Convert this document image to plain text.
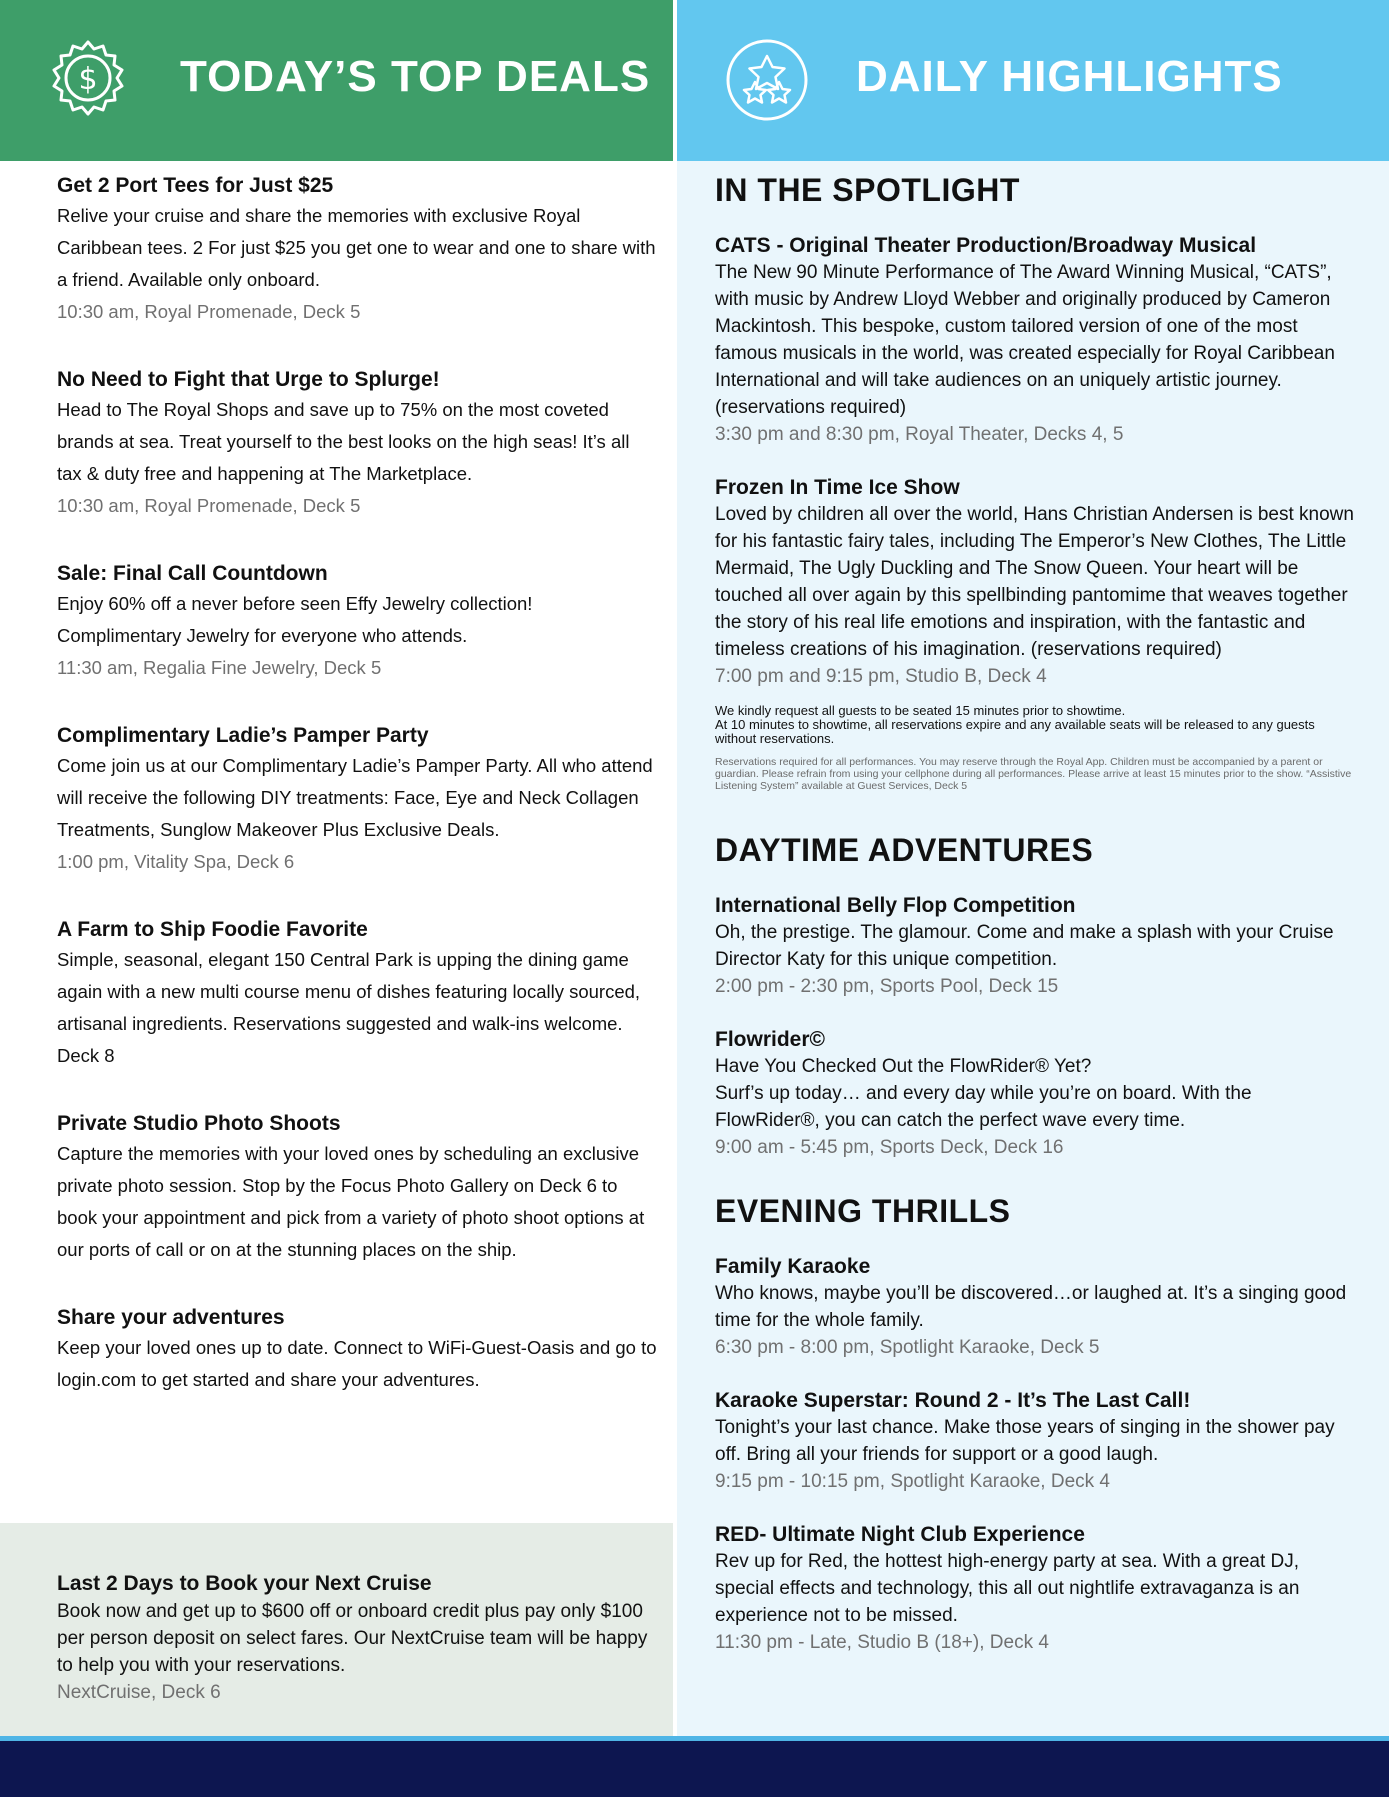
$ TODAY’S TOP DEALS	DAILY HIGHLIGHTS
Get 2 Port Tees for Just $25
Relive your cruise and share the memories with exclusive Royal Caribbean tees. 2 For just $25 you get one to wear and one to share with a friend. Available only onboard.
10:30 am, Royal Promenade, Deck 5
No Need to Fight that Urge to Splurge!
Head to The Royal Shops and save up to 75% on the most coveted brands at sea. Treat yourself to the best looks on the high seas! It’s all tax & duty free and happening at The Marketplace.
10:30 am, Royal Promenade, Deck 5
Sale: Final Call Countdown
Enjoy 60% off a never before seen Effy Jewelry collection! Complimentary Jewelry for everyone who attends.
11:30 am, Regalia Fine Jewelry, Deck 5
Complimentary Ladie’s Pamper Party
Come join us at our Complimentary Ladie’s Pamper Party. All who attend will receive the following DIY treatments: Face, Eye and Neck Collagen Treatments, Sunglow Makeover Plus Exclusive Deals.
1:00 pm, Vitality Spa, Deck 6
A Farm to Ship Foodie Favorite
Simple, seasonal, elegant 150 Central Park is upping the dining game again with a new multi course menu of dishes featuring locally sourced, artisanal ingredients. Reservations suggested and walk-ins welcome. Deck 8
Private Studio Photo Shoots
Capture the memories with your loved ones by scheduling an exclusive private photo session. Stop by the Focus Photo Gallery on Deck 6 to book your appointment and pick from a variety of photo shoot options at our ports of call or on at the stunning places on the ship.
Share your adventures
Keep your loved ones up to date. Connect to WiFi-Guest-Oasis and go to login.com to get started and share your adventures.
Last 2 Days to Book your Next Cruise
Book now and get up to $600 off or onboard credit plus pay only $100 per person deposit on select fares. Our NextCruise team will be happy to help you with your reservations.
NextCruise, Deck 6
IN THE SPOTLIGHT
CATS - Original Theater Production/Broadway Musical
The New 90 Minute Performance of The Award Winning Musical, “CATS”, with music by Andrew Lloyd Webber and originally produced by Cameron Mackintosh. This bespoke, custom tailored version of one of the most famous musicals in the world, was created especially for Royal Caribbean International and will take audiences on an uniquely artistic journey. (reservations required)
3:30 pm and 8:30 pm, Royal Theater, Decks 4, 5
Frozen In Time Ice Show
Loved by children all over the world, Hans Christian Andersen is best known for his fantastic fairy tales, including The Emperor’s New Clothes, The Little Mermaid, The Ugly Duckling and The Snow Queen. Your heart will be touched all over again by this spellbinding pantomime that weaves together the story of his real life emotions and inspiration, with the fantastic and timeless creations of his imagination. (reservations required)
7:00 pm and 9:15 pm, Studio B, Deck 4
We kindly request all guests to be seated 15 minutes prior to showtime.
At 10 minutes to showtime, all reservations expire and any available seats will be released to any guests without reservations.
Reservations required for all performances. You may reserve through the Royal App. Children must be accompanied by a parent or guardian. Please refrain from using your cellphone during all performances. Please arrive at least 15 minutes prior to the show. “Assistive Listening System” available at Guest Services, Deck 5
DAYTIME ADVENTURES
International Belly Flop Competition
Oh, the prestige. The glamour. Come and make a splash with your Cruise Director Katy for this unique competition.
2:00 pm - 2:30 pm, Sports Pool, Deck 15
Flowrider©
Have You Checked Out the FlowRider® Yet?
Surf’s up today… and every day while you’re on board. With the FlowRider®, you can catch the perfect wave every time.
9:00 am - 5:45 pm, Sports Deck, Deck 16
EVENING THRILLS
Family Karaoke
Who knows, maybe you’ll be discovered…or laughed at. It’s a singing good time for the whole family.
6:30 pm - 8:00 pm, Spotlight Karaoke, Deck 5
Karaoke Superstar: Round 2 - It’s The Last Call!
Tonight’s your last chance. Make those years of singing in the shower pay off. Bring all your friends for support or a good laugh.
9:15 pm - 10:15 pm, Spotlight Karaoke, Deck 4
RED- Ultimate Night Club Experience
Rev up for Red, the hottest high-energy party at sea. With a great DJ, special effects and technology, this all out nightlife extravaganza is an experience not to be missed.
11:30 pm - Late, Studio B (18+), Deck 4
